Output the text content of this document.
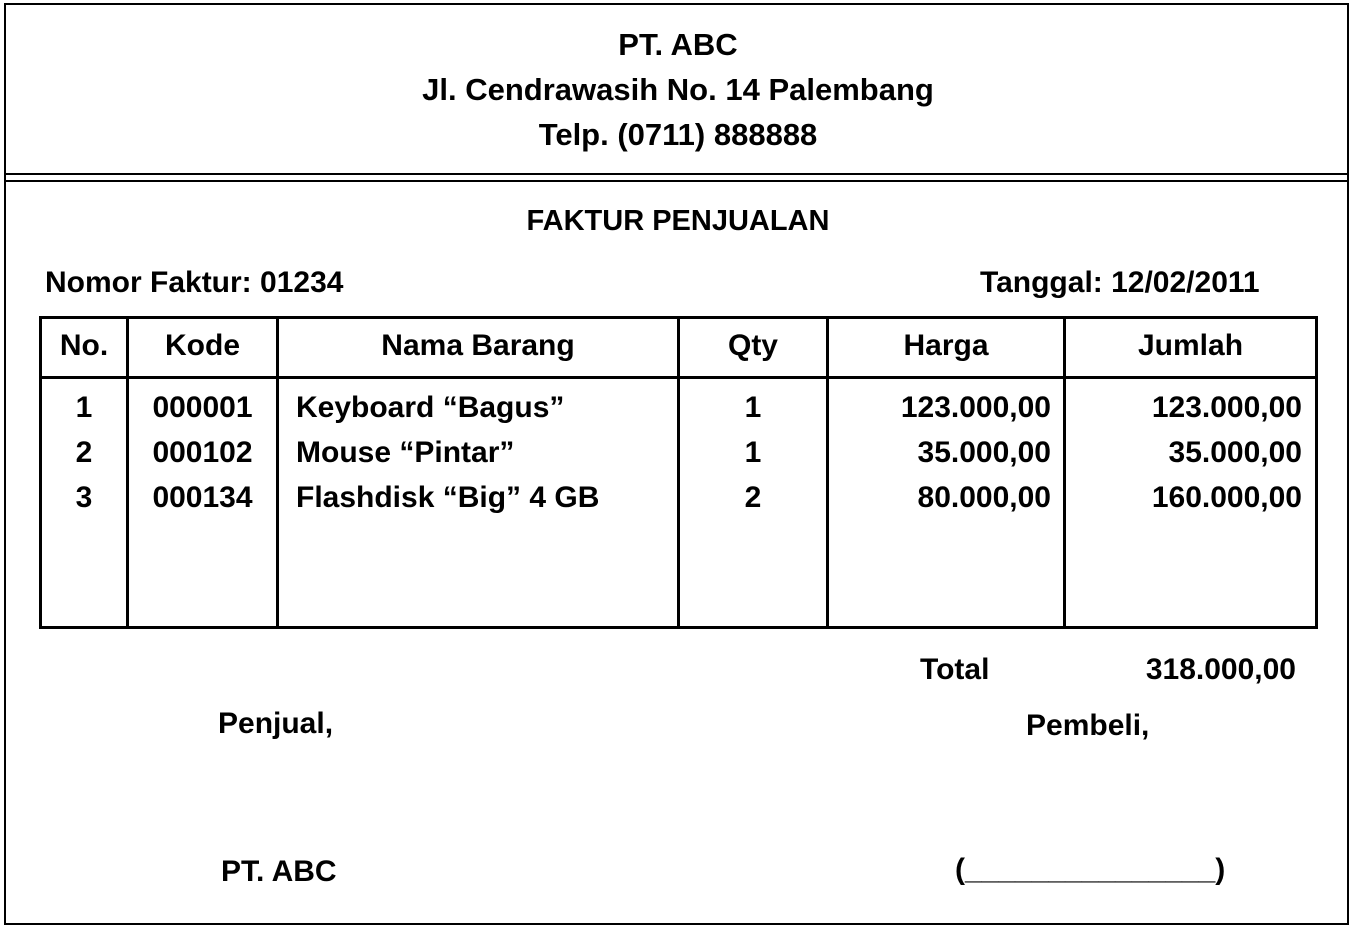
PT. ABC
Jl. Cendrawasih No. 14 Palembang
Telp. (0711) 888888
FAKTUR PENJUALAN
Nomor Faktur: 01234	Tanggal: 12/02/2011
No.	Kode	Nama Barang	Qty	Harga	Jumlah
1	000001	Keyboard “Bagus”	1	123.000,00	123.000,00
2	000102	Mouse “Pintar”	1	35.000,00	35.000,00
3	000134	Flashdisk “Big” 4 GB	2	80.000,00	160.000,00
Total	318.000,00
Penjual,	Pembeli,
PT. ABC	(_______________)
